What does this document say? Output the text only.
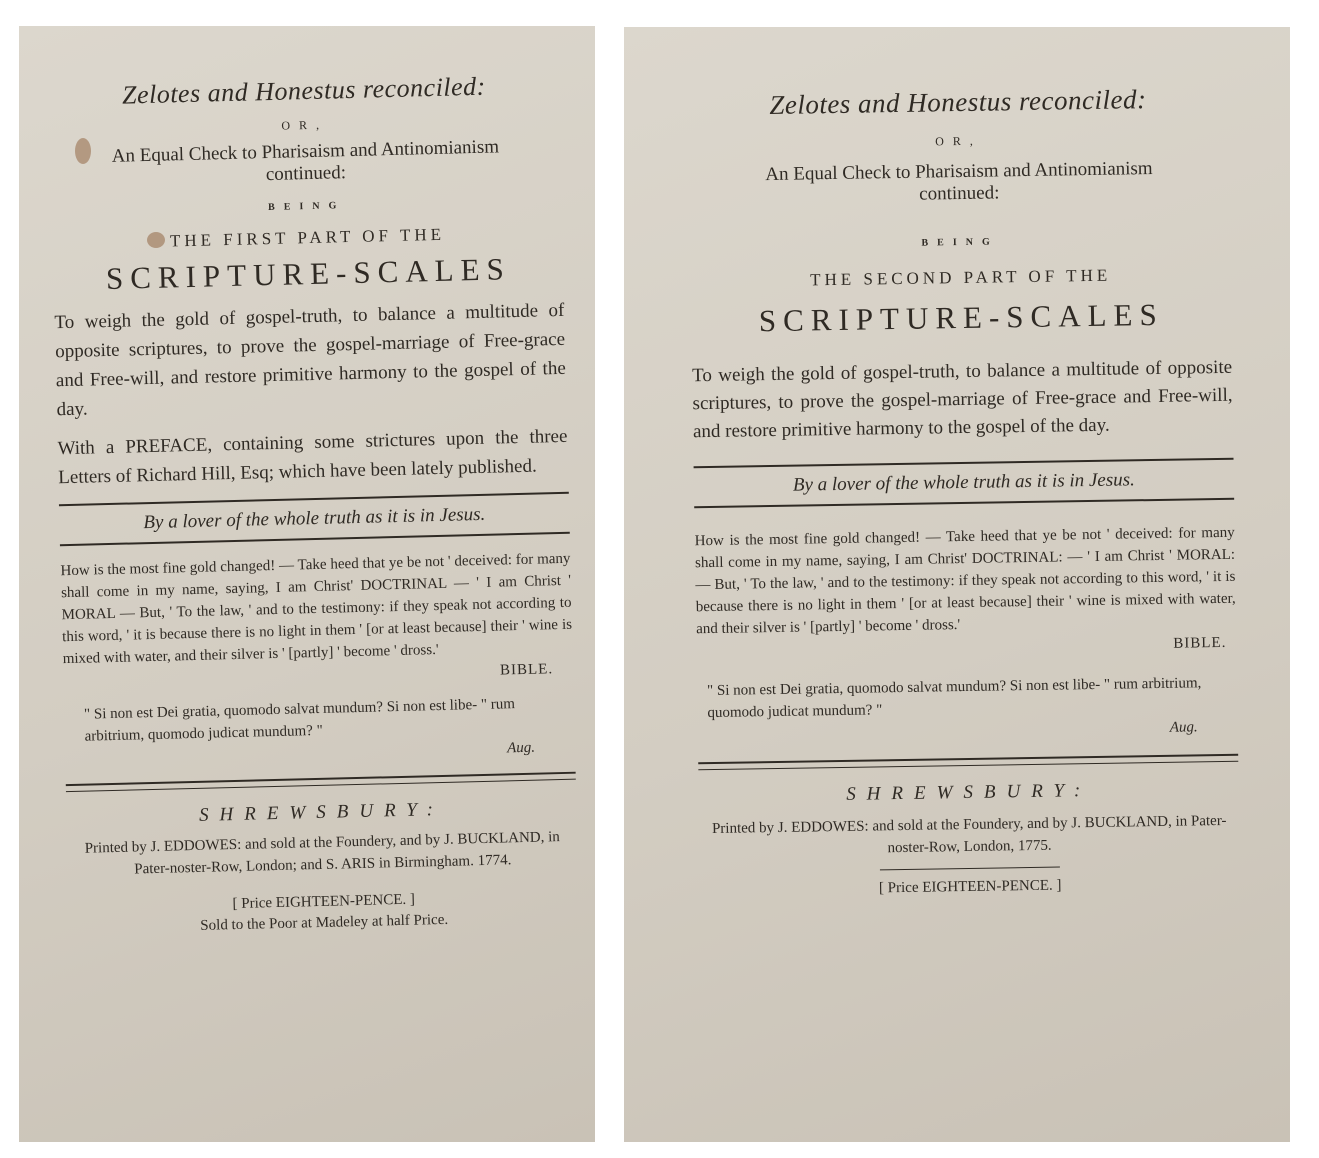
Zelotes and Honestus reconciled:
OR,
An Equal Check to Pharisaism and Antinomianism continued:
BEING
THE FIRST PART OF THE
SCRIPTURE-SCALES
To weigh the gold of gospel-truth, to balance a multitude of opposite scriptures, to prove the gospel-marriage of Free-grace and Free-will, and restore primitive harmony to the gospel of the day.
With a PREFACE, containing some strictures upon the three Letters of Richard Hill, Esq; which have been lately published.
By a lover of the whole truth as it is in Jesus.
How is the most fine gold changed! — Take heed that ye be not ' deceived: for many shall come in my name, saying, I am Christ' DOCTRINAL — ' I am Christ ' MORAL — But, ' To the law, ' and to the testimony: if they speak not according to this word, ' it is because there is no light in them ' [or at least because] their ' wine is mixed with water, and their silver is ' [partly] ' become ' dross.'
BIBLE.
" Si non est Dei gratia, quomodo salvat mundum? Si non est libe- " rum arbitrium, quomodo judicat mundum? "
Aug.
SHREWSBURY:
Printed by J. EDDOWES: and sold at the Foundery, and by J. BUCKLAND, in Pater-noster-Row, London; and S. ARIS in Birmingham. 1774.
[ Price EIGHTEEN-PENCE. ]
Sold to the Poor at Madeley at half Price.
Zelotes and Honestus reconciled:
OR,
An Equal Check to Pharisaism and Antinomianism continued:
BEING
THE SECOND PART OF THE
SCRIPTURE-SCALES
To weigh the gold of gospel-truth, to balance a multitude of opposite scriptures, to prove the gospel-marriage of Free-grace and Free-will, and restore primitive harmony to the gospel of the day.
By a lover of the whole truth as it is in Jesus.
How is the most fine gold changed! — Take heed that ye be not ' deceived: for many shall come in my name, saying, I am Christ' DOCTRINAL: — ' I am Christ ' MORAL: — But, ' To the law, ' and to the testimony: if they speak not according to this word, ' it is because there is no light in them ' [or at least because] their ' wine is mixed with water, and their silver is ' [partly] ' become ' dross.'
BIBLE.
" Si non est Dei gratia, quomodo salvat mundum? Si non est libe- " rum arbitrium, quomodo judicat mundum? "
Aug.
SHREWSBURY:
Printed by J. EDDOWES: and sold at the Foundery, and by J. BUCKLAND, in Pater-noster-Row, London, 1775.
[ Price EIGHTEEN-PENCE. ]
